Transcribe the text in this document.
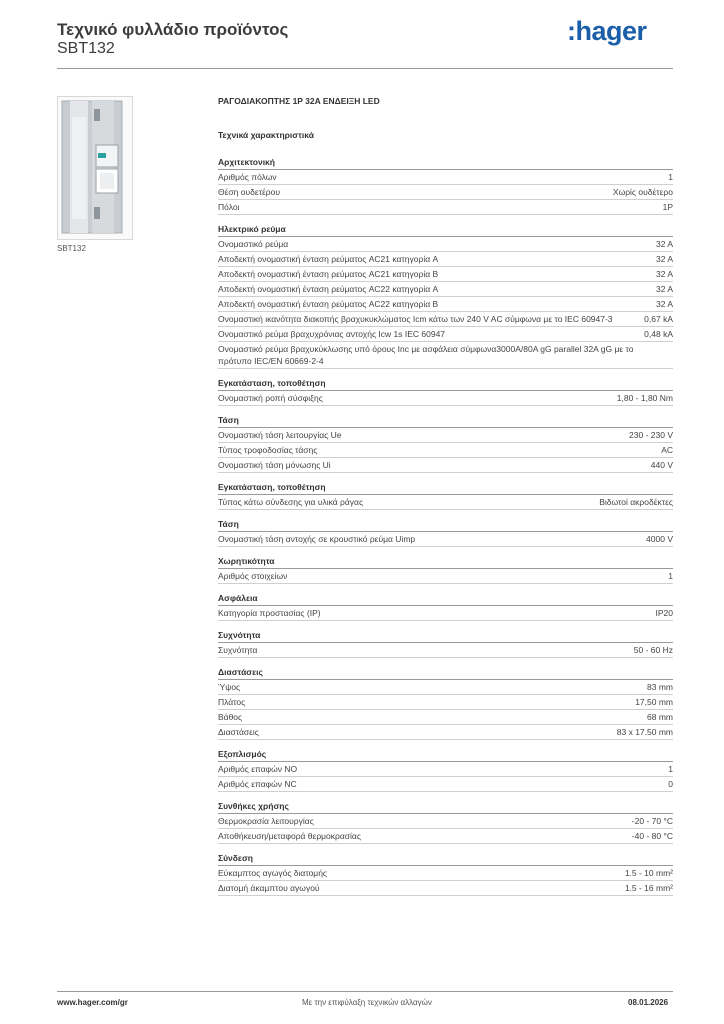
Τεχνικό φυλλάδιο προϊόντος
SBT132
:hager
SBT132
ΡΑΓΟΔΙΑΚΟΠΤΗΣ 1P 32A ΕΝΔΕΙΞΗ LED
Τεχνικά χαρακτηριστικά
Αρχιτεκτονική
Αριθμός πόλων	1
Θέση ουδετέρου	Χωρίς ουδέτερο
Πόλοι	1P
Ηλεκτρικό ρεύμα
Ονομαστικό ρεύμα	32 A
Αποδεκτή ονομαστική ένταση ρεύματος AC21 κατηγορία A	32 A
Αποδεκτή ονομαστική ένταση ρεύματος AC21 κατηγορία B	32 A
Αποδεκτή ονομαστική ένταση ρεύματος AC22 κατηγορία A	32 A
Αποδεκτή ονομαστική ένταση ρεύματος AC22 κατηγορία B	32 A
Ονομαστική ικανότητα διακοπής βραχυκυκλώματος Icm κάτω των 240 V AC σύμφωνα με το IEC 60947-3	0,67 kA
Ονομαστικό ρεύμα βραχυχρόνιας αντοχής Icw 1s IEC 60947	0,48 kA
Ονομαστικό ρεύμα βραχυκύκλωσης υπό όρους Inc με ασφάλεια σύμφωνα3000A/80A gG parallel 32A gG με το πρότυπο IEC/EN 60669-2-4
Εγκατάσταση, τοποθέτηση
Ονομαστική ροπή σύσφιξης	1,80 - 1,80 Nm
Τάση
Ονομαστική τάση λειτουργίας Ue	230 - 230 V
Τύπος τροφοδοσίας τάσης	AC
Ονομαστική τάση μόνωσης Ui	440 V
Εγκατάσταση, τοποθέτηση
Τύπος κάτω σύνδεσης για υλικά ράγας	Βιδωτοί ακροδέκτες
Τάση
Ονομαστική τάση αντοχής σε κρουστικό ρεύμα Uimp	4000 V
Χωρητικότητα
Αριθμός στοιχείων	1
Ασφάλεια
Κατηγορία προστασίας (IP)	IP20
Συχνότητα
Συχνότητα	50 - 60 Hz
Διαστάσεις
Ύψος	83 mm
Πλάτος	17,50 mm
Βάθος	68 mm
Διαστάσεις	83 x 17.50 mm
Εξοπλισμός
Αριθμός επαφών NO	1
Αριθμός επαφών NC	0
Συνθήκες χρήσης
Θερμοκρασία λειτουργίας	-20 - 70 °C
Αποθήκευση/μεταφορά θερμοκρασίας	-40 - 80 °C
Σύνδεση
Εύκαμπτος αγωγός διατομής	1.5 - 10 mm²
Διατομή άκαμπτου αγωγού	1.5 - 16 mm²
www.hager.com/gr	Με την επιφύλαξη τεχνικών αλλαγών	08.01.2026
